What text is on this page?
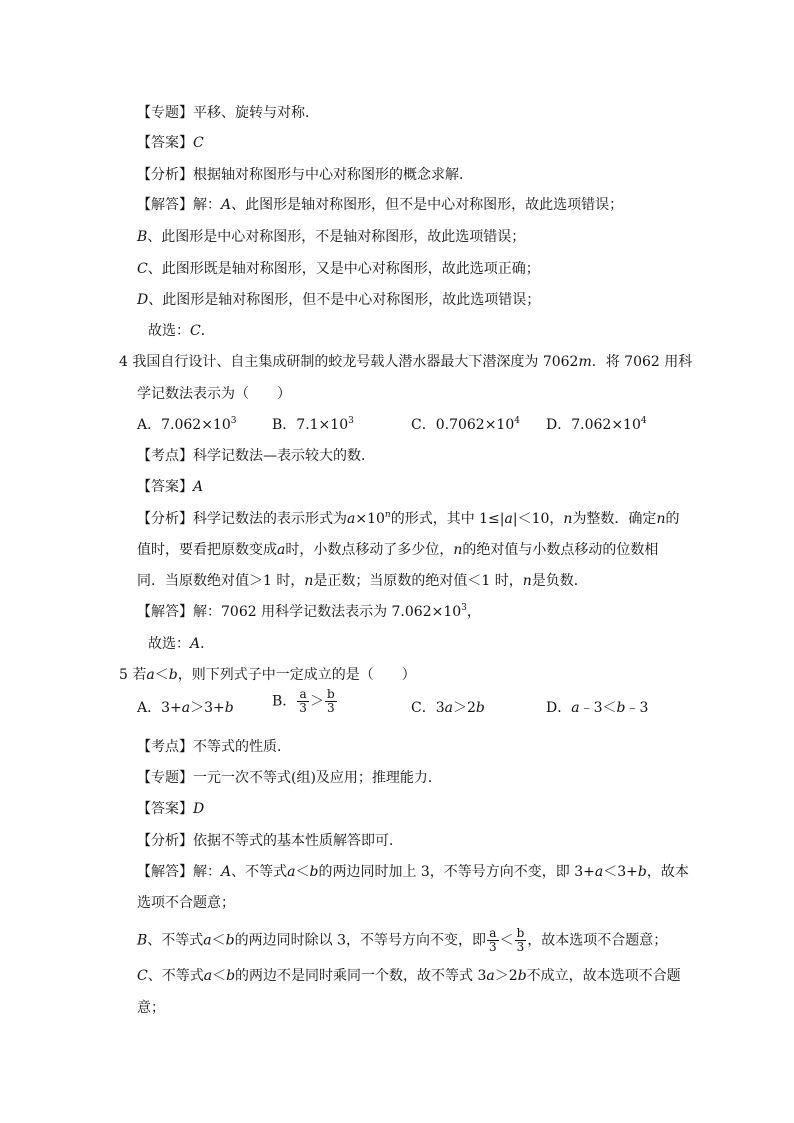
【专题】平移、旋转与对称．
【答案】C
【分析】根据轴对称图形与中心对称图形的概念求解．
【解答】解：A、此图形是轴对称图形，但不是中心对称图形，故此选项错误；
B、此图形是中心对称图形，不是轴对称图形，故此选项错误；
C、此图形既是轴对称图形，又是中心对称图形，故此选项正确；
D、此图形是轴对称图形，但不是中心对称图形，故此选项错误；
故选：C．
4 我国自行设计、自主集成研制的蛟龙号载人潜水器最大下潜深度为 7062m．将 7062 用科
学记数法表示为（　　）
A．$7.062\times 10^3$	B．$7.1\times 10^3$	C．$0.7062\times 10^4$ D．$7.062\times 10^4$
【考点】科学记数法—表示较大的数．
【答案】A
【分析】科学记数法的表示形式为$a\times 10^n$的形式，其中 1≤|a|＜10，n为整数．确定n的
值时，要看把原数变成a时，小数点移动了多少位，n的绝对值与小数点移动的位数相
同．当原数绝对值＞1 时，n是正数；当原数的绝对值＜1 时，n是负数．
【解答】解：7062 用科学记数法表示为 $7.062\times 10^3$，
故选：A．
5 若a＜b，则下列式子中一定成立的是（　　）
A．3+a＞3+b	B． $\frac{a}{3} > \frac{b}{3}$	C．3a＞2b	D．a﹣3＜b﹣3
【考点】不等式的性质．
【专题】一元一次不等式(组)及应用；推理能力．
【答案】D
【分析】依据不等式的基本性质解答即可．
【解答】解：A、不等式a＜b的两边同时加上 3，不等号方向不变，即 3+a＜3+b，故本
选项不合题意；
B、不等式a＜b的两边同时除以 3，不等号方向不变，即 $\frac{a}{3} < \frac{b}{3}$ ，故本选项不合题意；
C、不等式a＜b的两边不是同时乘同一个数，故不等式 3a＞2b不成立，故本选项不合题
意；
